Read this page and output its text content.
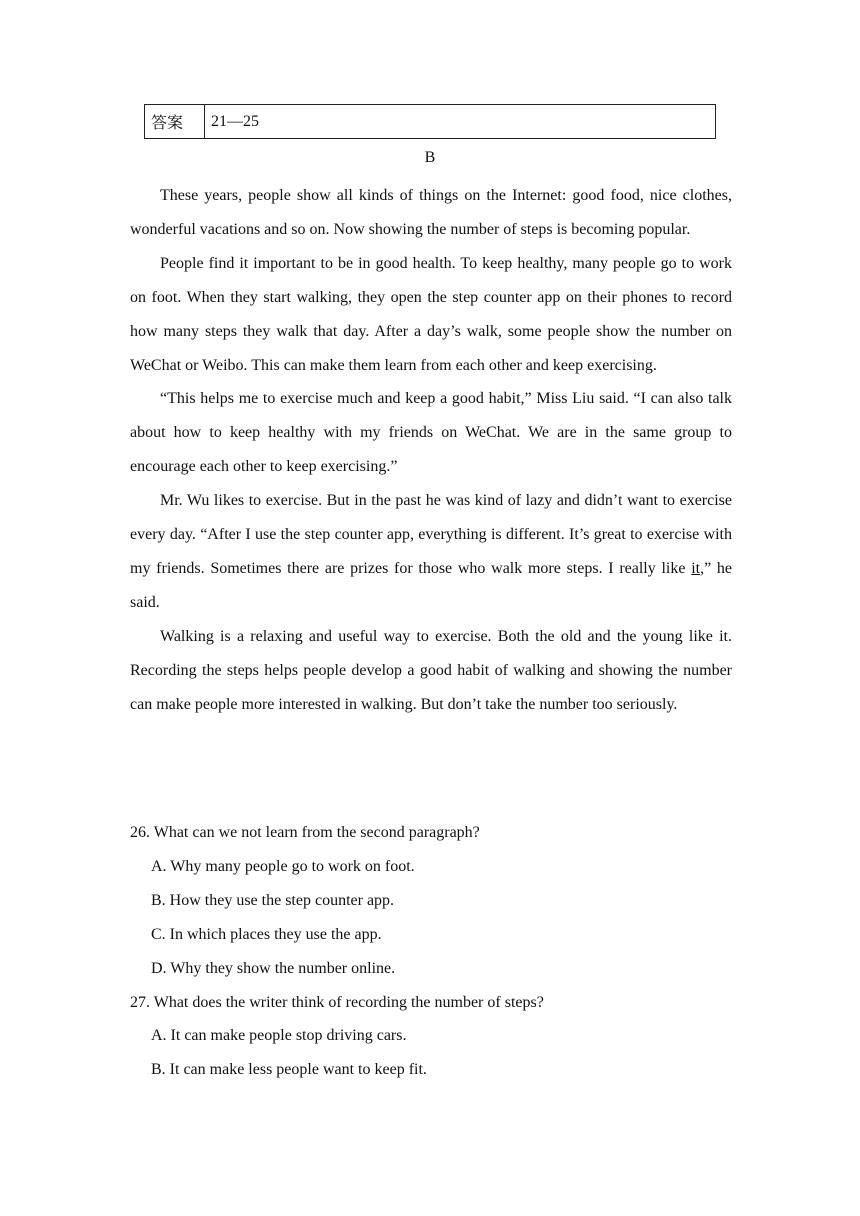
答案	21—25
B

These years, people show all kinds of things on the Internet: good food, nice clothes, wonderful vacations and so on. Now showing the number of steps is becoming popular.

People find it important to be in good health. To keep healthy, many people go to work on foot. When they start walking, they open the step counter app on their phones to record how many steps they walk that day. After a day’s walk, some people show the number on WeChat or Weibo. This can make them learn from each other and keep exercising.

“This helps me to exercise much and keep a good habit,” Miss Liu said. “I can also talk about how to keep healthy with my friends on WeChat. We are in the same group to encourage each other to keep exercising.”

Mr. Wu likes to exercise. But in the past he was kind of lazy and didn’t want to exercise every day. “After I use the step counter app, everything is different. It’s great to exercise with my friends. Sometimes there are prizes for those who walk more steps. I really like it,” he said.

Walking is a relaxing and useful way to exercise. Both the old and the young like it. Recording the steps helps people develop a good habit of walking and showing the number can make people more interested in walking. But don’t take the number too seriously.

26. What can we not learn from the second paragraph?

A. Why many people go to work on foot.

B. How they use the step counter app.

C. In which places they use the app.

D. Why they show the number online.

27. What does the writer think of recording the number of steps?

A. It can make people stop driving cars.

B. It can make less people want to keep fit.
